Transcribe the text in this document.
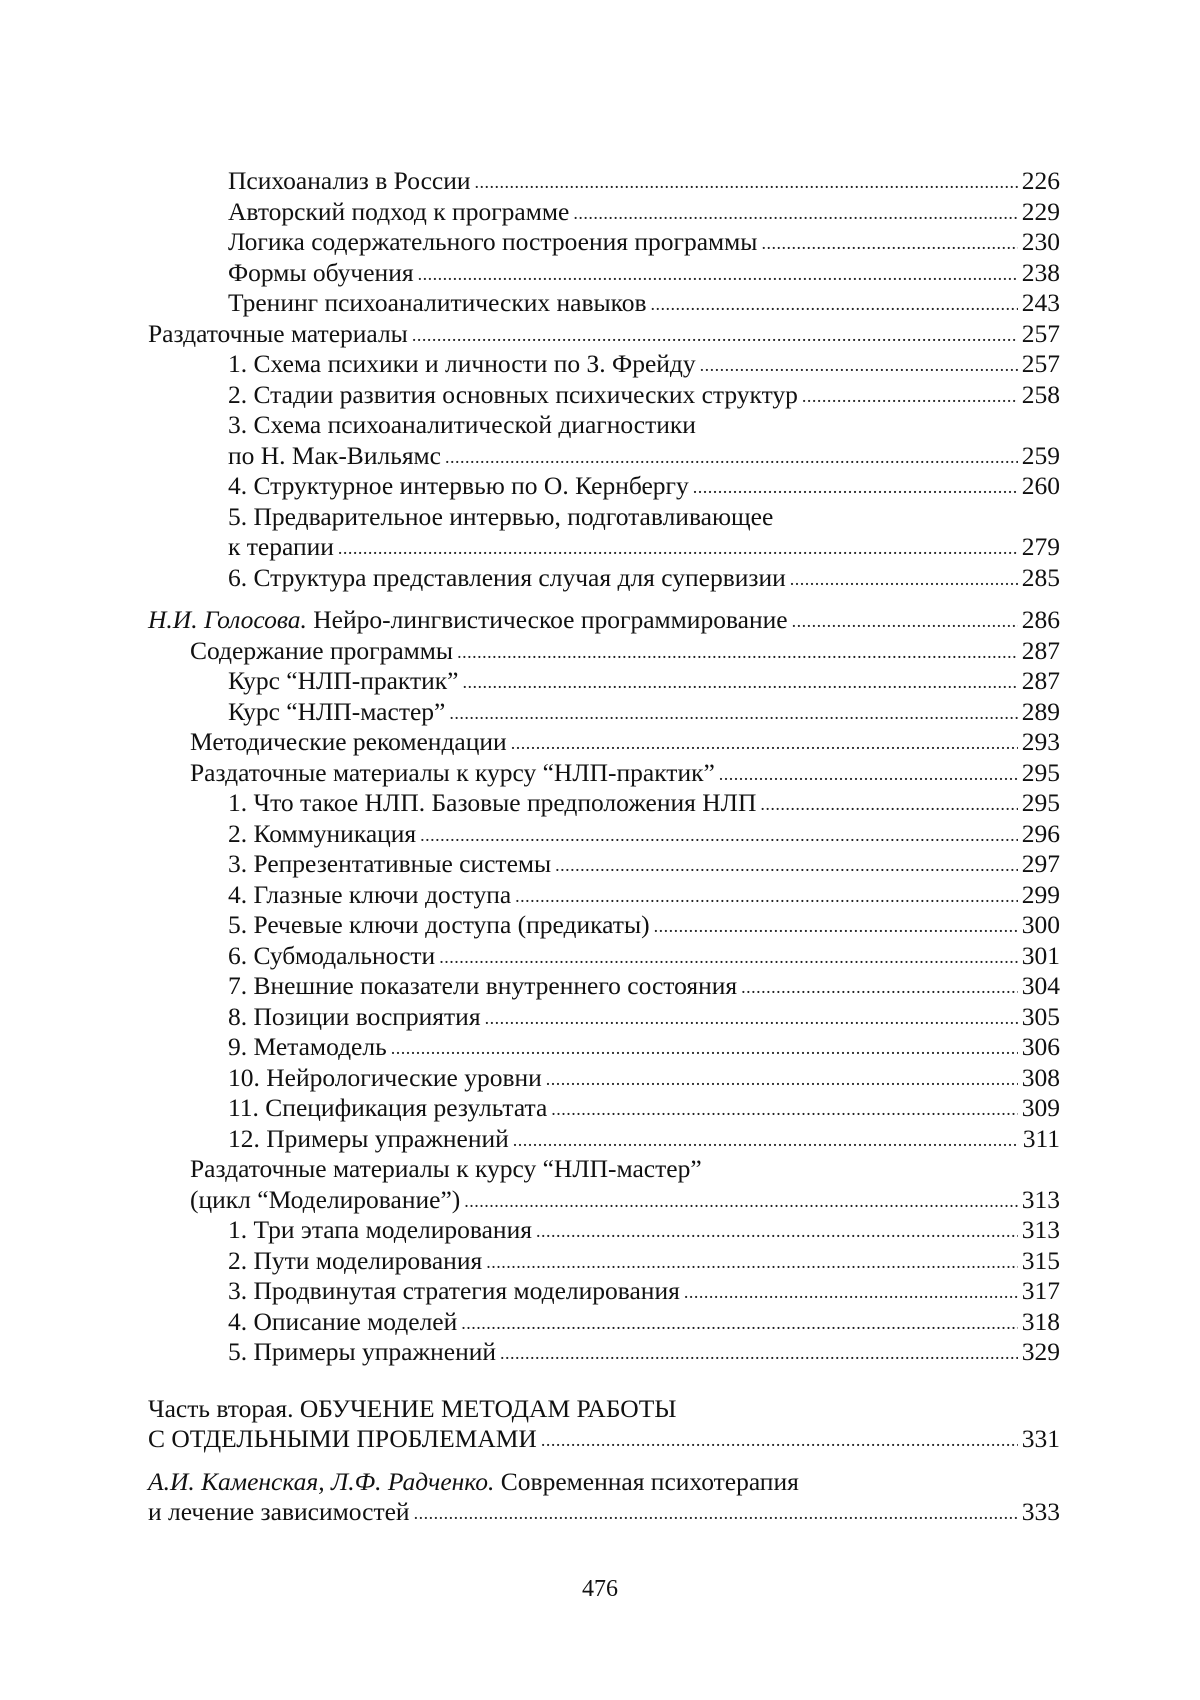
Психоанализ в России . . .	226
Авторский подход к программе . . .	229
Логика содержательного построения программы . . .	230
Формы обучения . . .	238
Тренинг психоаналитических навыков . . .	243
Раздаточные материалы . . .	257
1. Схема психики и личности по З. Фрейду . . .	257
2. Стадии развития основных психических структур . . .	258
3. Схема психоаналитической диагностики
по Н. Мак-Вильямс . . .	259
4. Структурное интервью по О. Кернбергу . . .	260
5. Предварительное интервью, подготавливающее
к терапии . . .	279
6. Структура представления случая для супервизии . . .	285
Н.И. Голосова. Нейро-лингвистическое программирование . . .	286
Содержание программы . . .	287
Курс “НЛП-практик” . . .	287
Курс “НЛП-мастер” . . .	289
Методические рекомендации . . .	293
Раздаточные материалы к курсу “НЛП-практик” . . .	295
1. Что такое НЛП. Базовые предположения НЛП . . .	295
2. Коммуникация . . .	296
3. Репрезентативные системы . . .	297
4. Глазные ключи доступа . . .	299
5. Речевые ключи доступа (предикаты) . . .	300
6. Субмодальности . . .	301
7. Внешние показатели внутреннего состояния . . .	304
8. Позиции восприятия . . .	305
9. Метамодель . . .	306
10. Нейрологические уровни . . .	308
11. Спецификация результата . . .	309
12. Примеры упражнений . . .	311
Раздаточные материалы к курсу “НЛП-мастер”
(цикл “Моделирование”) . . .	313
1. Три этапа моделирования . . .	313
2. Пути моделирования . . .	315
3. Продвинутая стратегия моделирования . . .	317
4. Описание моделей . . .	318
5. Примеры упражнений . . .	329
Часть вторая. ОБУЧЕНИЕ МЕТОДАМ РАБОТЫ
С ОТДЕЛЬНЫМИ ПРОБЛЕМАМИ . . .	331
А.И. Каменская, Л.Ф. Радченко. Современная психотерапия
и лечение зависимостей . . .	333
476
